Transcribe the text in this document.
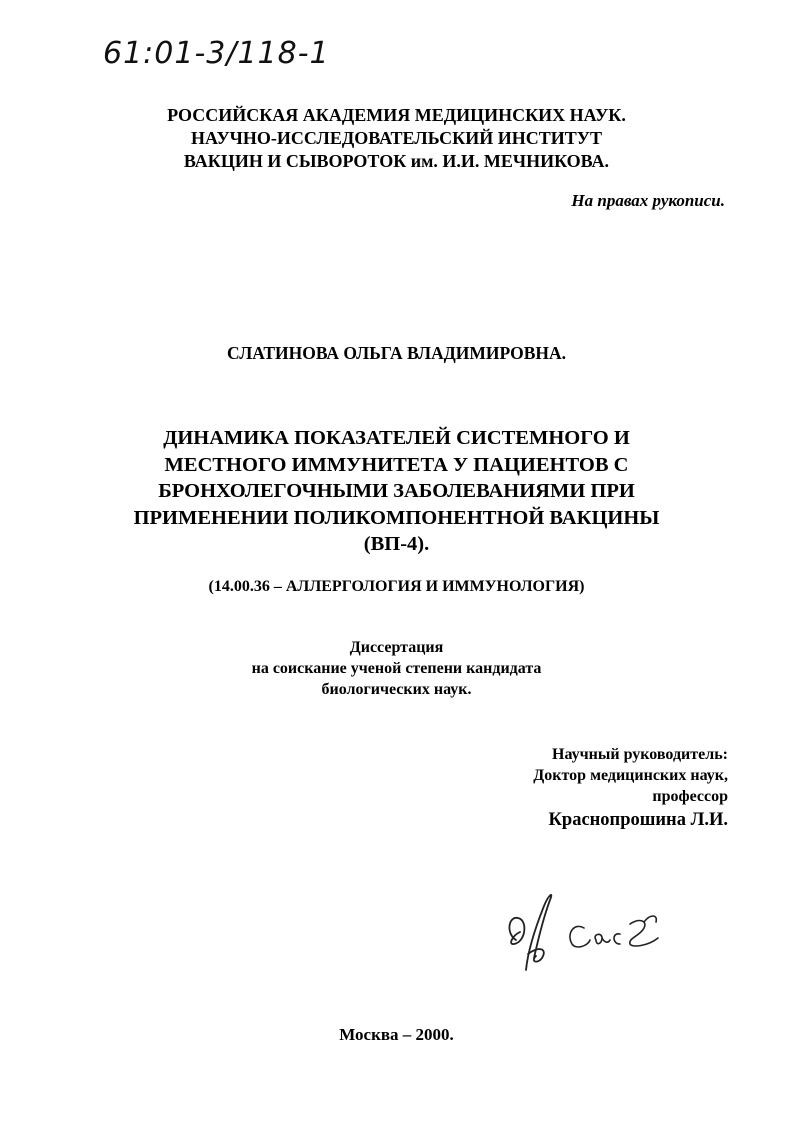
61:01-3/118-1
РОССИЙСКАЯ АКАДЕМИЯ МЕДИЦИНСКИХ НАУК.
НАУЧНО-ИССЛЕДОВАТЕЛЬСКИЙ ИНСТИТУТ
ВАКЦИН И СЫВОРОТОК им. И.И. МЕЧНИКОВА.
На правах рукописи.
СЛАТИНОВА ОЛЬГА ВЛАДИМИРОВНА.
ДИНАМИКА ПОКАЗАТЕЛЕЙ СИСТЕМНОГО И
МЕСТНОГО ИММУНИТЕТА У ПАЦИЕНТОВ С
БРОНХОЛЕГОЧНЫМИ ЗАБОЛЕВАНИЯМИ ПРИ
ПРИМЕНЕНИИ ПОЛИКОМПОНЕНТНОЙ ВАКЦИНЫ
(ВП-4).
(14.00.36 – АЛЛЕРГОЛОГИЯ И ИММУНОЛОГИЯ)
Диссертация
на соискание ученой степени кандидата
биологических наук.
Научный руководитель:
Доктор медицинских наук,
профессор
Краснопрошина Л.И.
Москва – 2000.
